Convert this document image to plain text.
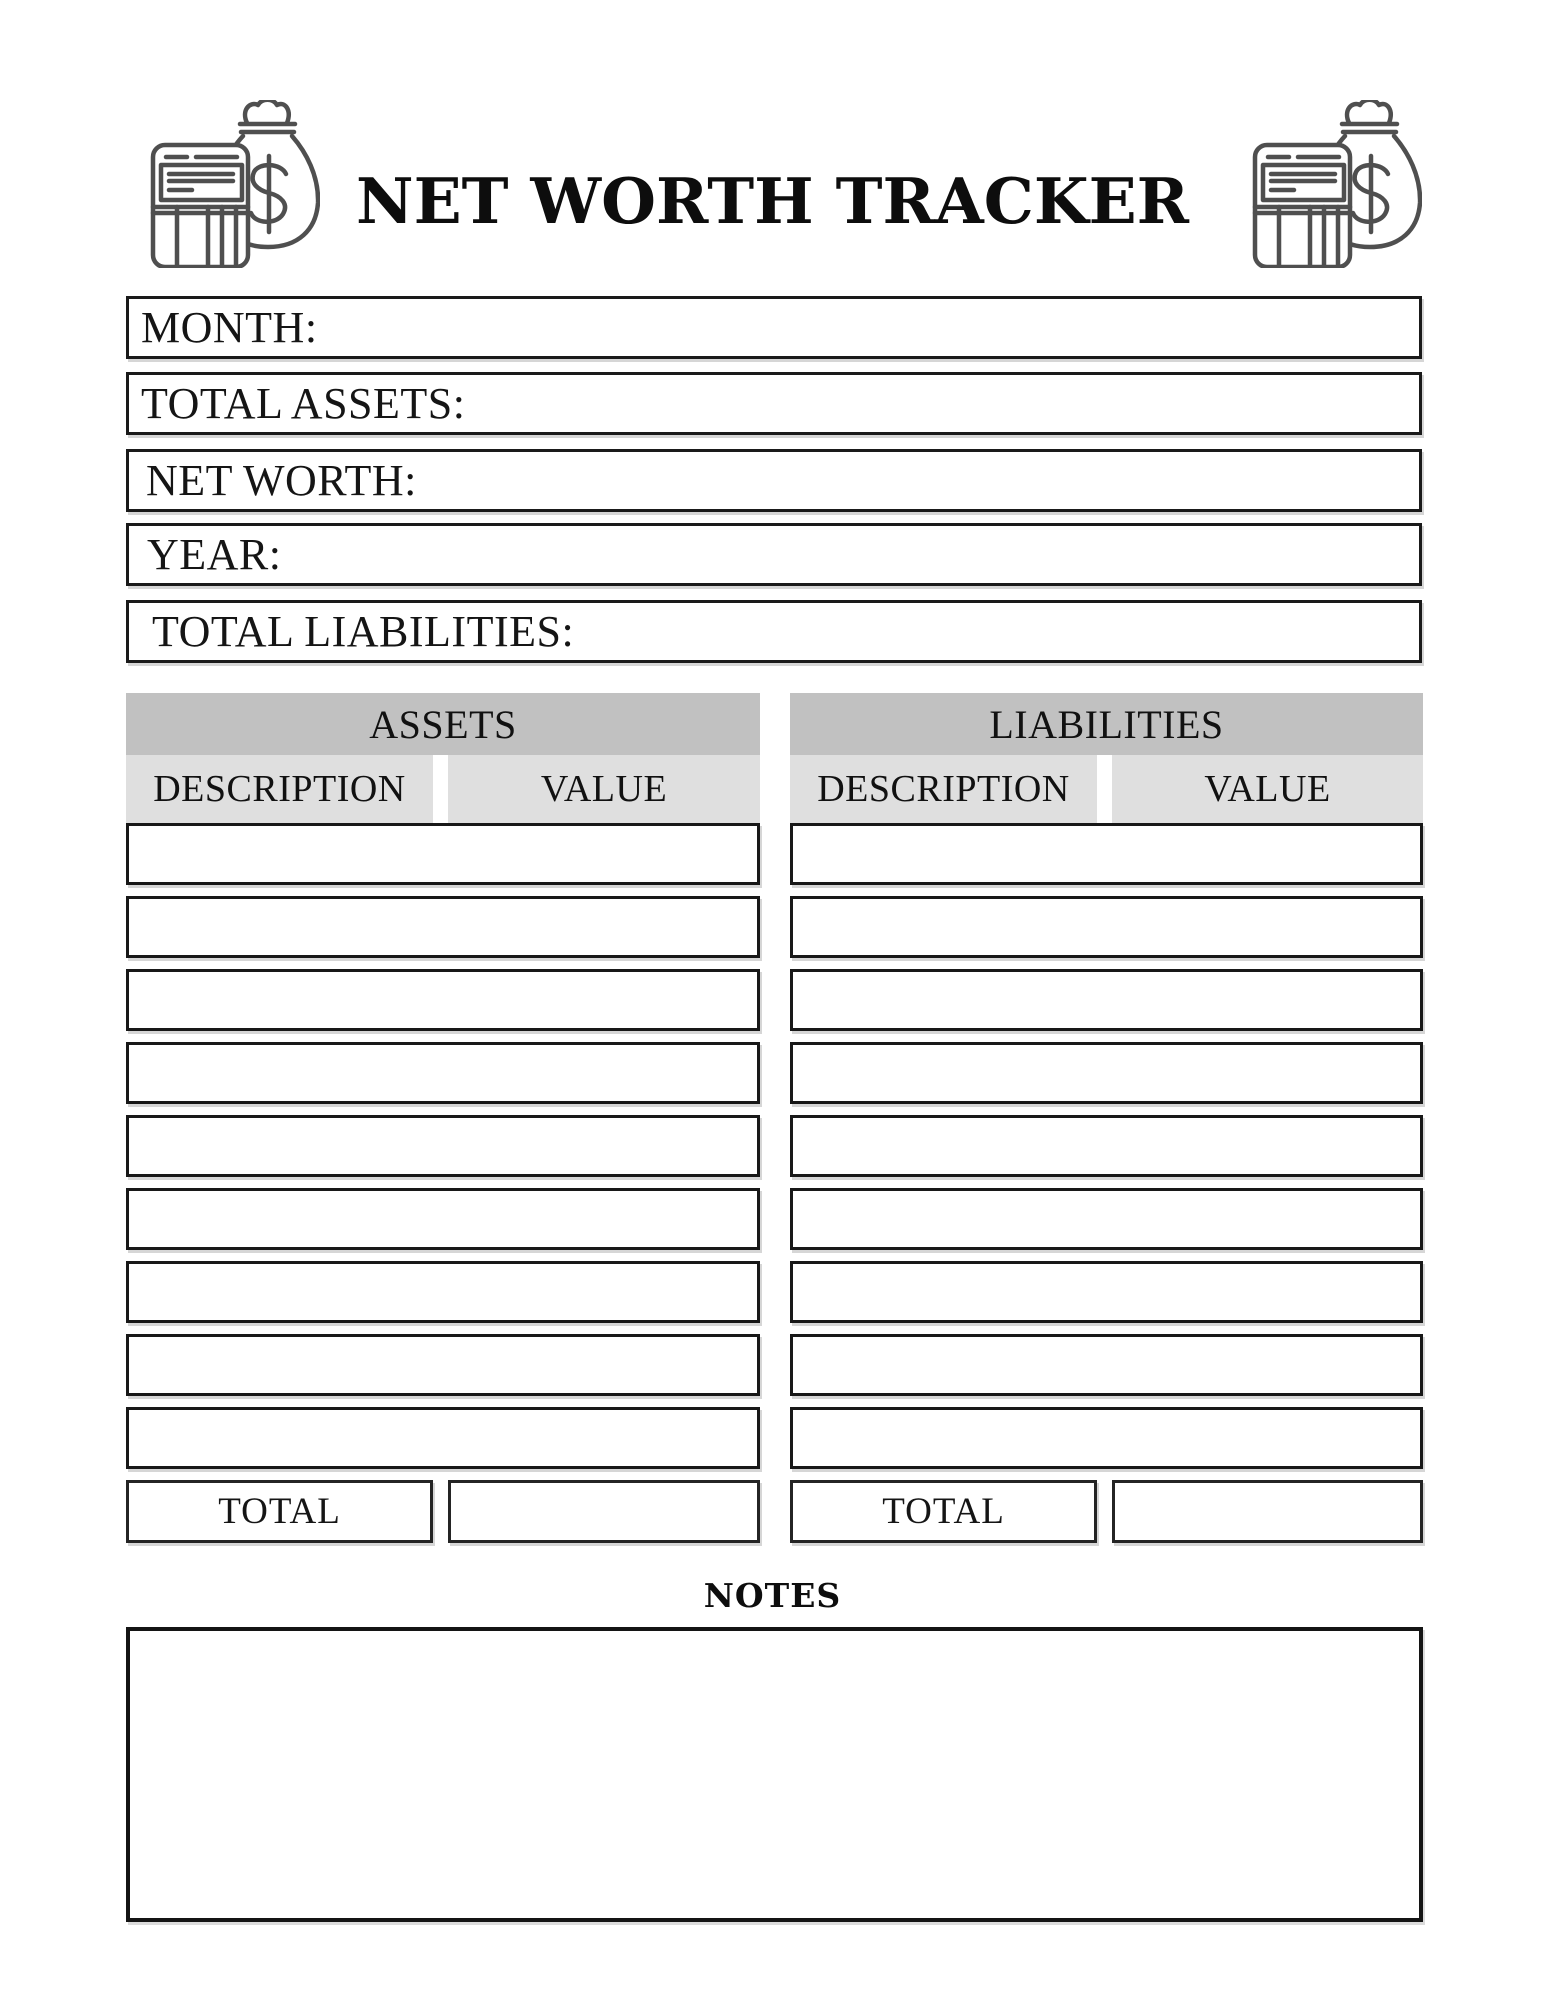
NET WORTH TRACKER
MONTH:
TOTAL ASSETS:
NET WORTH:
YEAR:
TOTAL LIABILITIES:
ASSETS
DESCRIPTION	VALUE
TOTAL
LIABILITIES
DESCRIPTION	VALUE
TOTAL
NOTES
